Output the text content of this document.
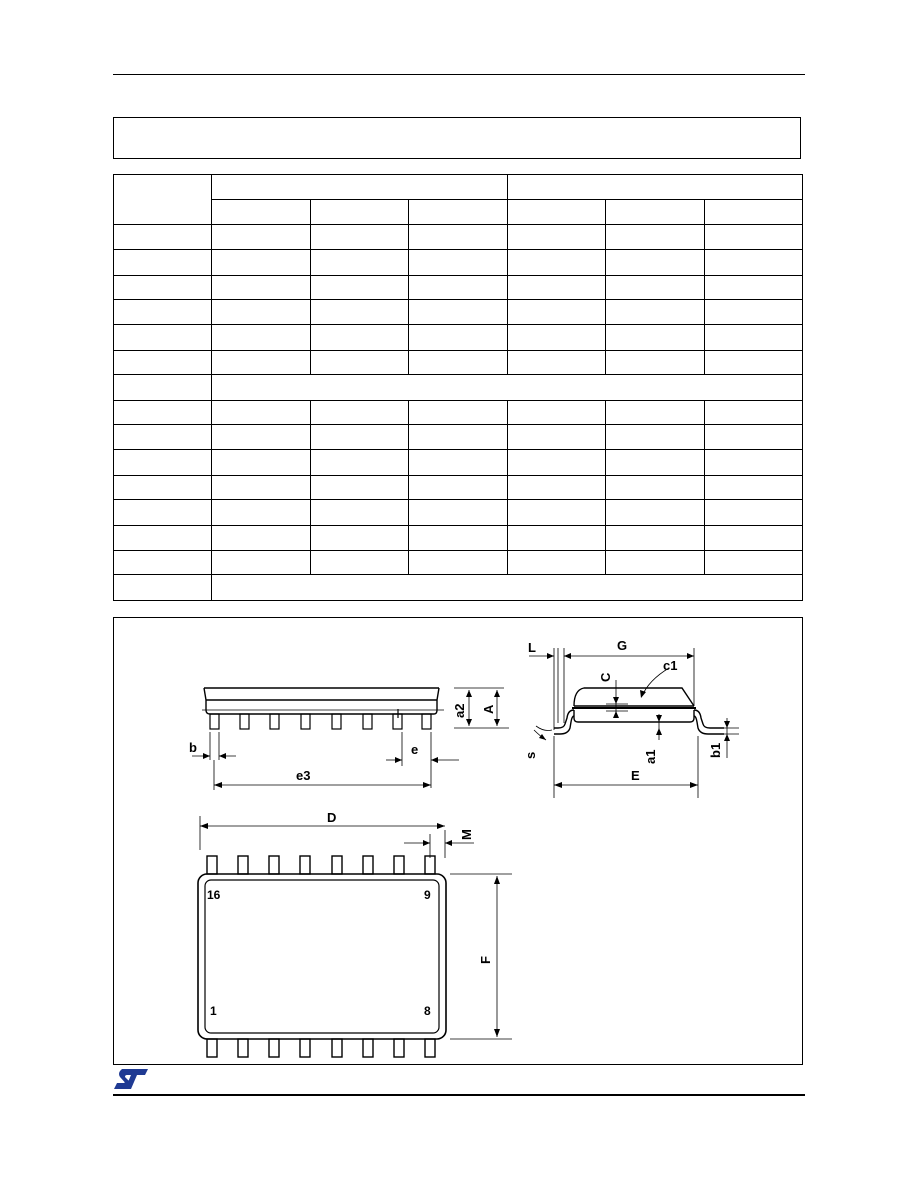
L	G
c1
C
a2 A
b	e
e3
s	a1
E
b1
D
M
F
16	9
1	8
